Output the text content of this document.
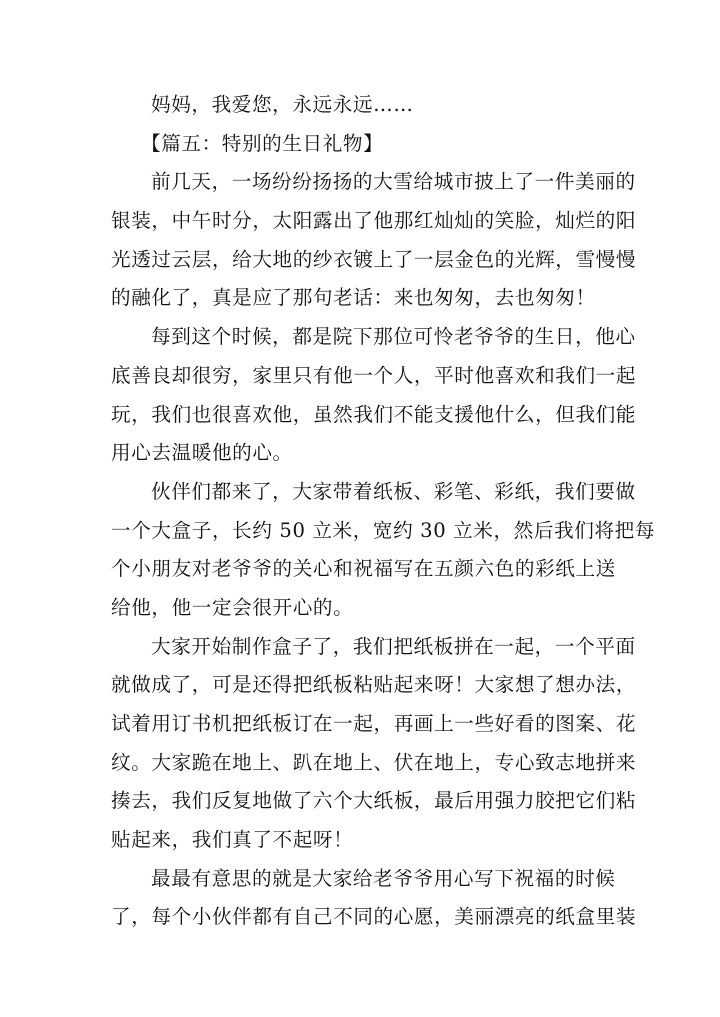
妈妈，我爱您，永远永远……
【篇五：特别的生日礼物】
前几天，一场纷纷扬扬的大雪给城市披上了一件美丽的
银装，中午时分，太阳露出了他那红灿灿的笑脸，灿烂的阳
光透过云层，给大地的纱衣镀上了一层金色的光辉，雪慢慢
的融化了，真是应了那句老话：来也匆匆，去也匆匆！
每到这个时候，都是院下那位可怜老爷爷的生日，他心
底善良却很穷，家里只有他一个人，平时他喜欢和我们一起
玩，我们也很喜欢他，虽然我们不能支援他什么，但我们能
用心去温暖他的心。
伙伴们都来了，大家带着纸板、彩笔、彩纸，我们要做
一个大盒子，长约 50 立米，宽约 30 立米，然后我们将把每
个小朋友对老爷爷的关心和祝福写在五颜六色的彩纸上送
给他，他一定会很开心的。
大家开始制作盒子了，我们把纸板拼在一起，一个平面
就做成了，可是还得把纸板粘贴起来呀！大家想了想办法，
试着用订书机把纸板订在一起，再画上一些好看的图案、花
纹。大家跪在地上、趴在地上、伏在地上，专心致志地拼来
揍去，我们反复地做了六个大纸板，最后用强力胶把它们粘
贴起来，我们真了不起呀！
最最有意思的就是大家给老爷爷用心写下祝福的时候
了，每个小伙伴都有自己不同的心愿，美丽漂亮的纸盒里装
